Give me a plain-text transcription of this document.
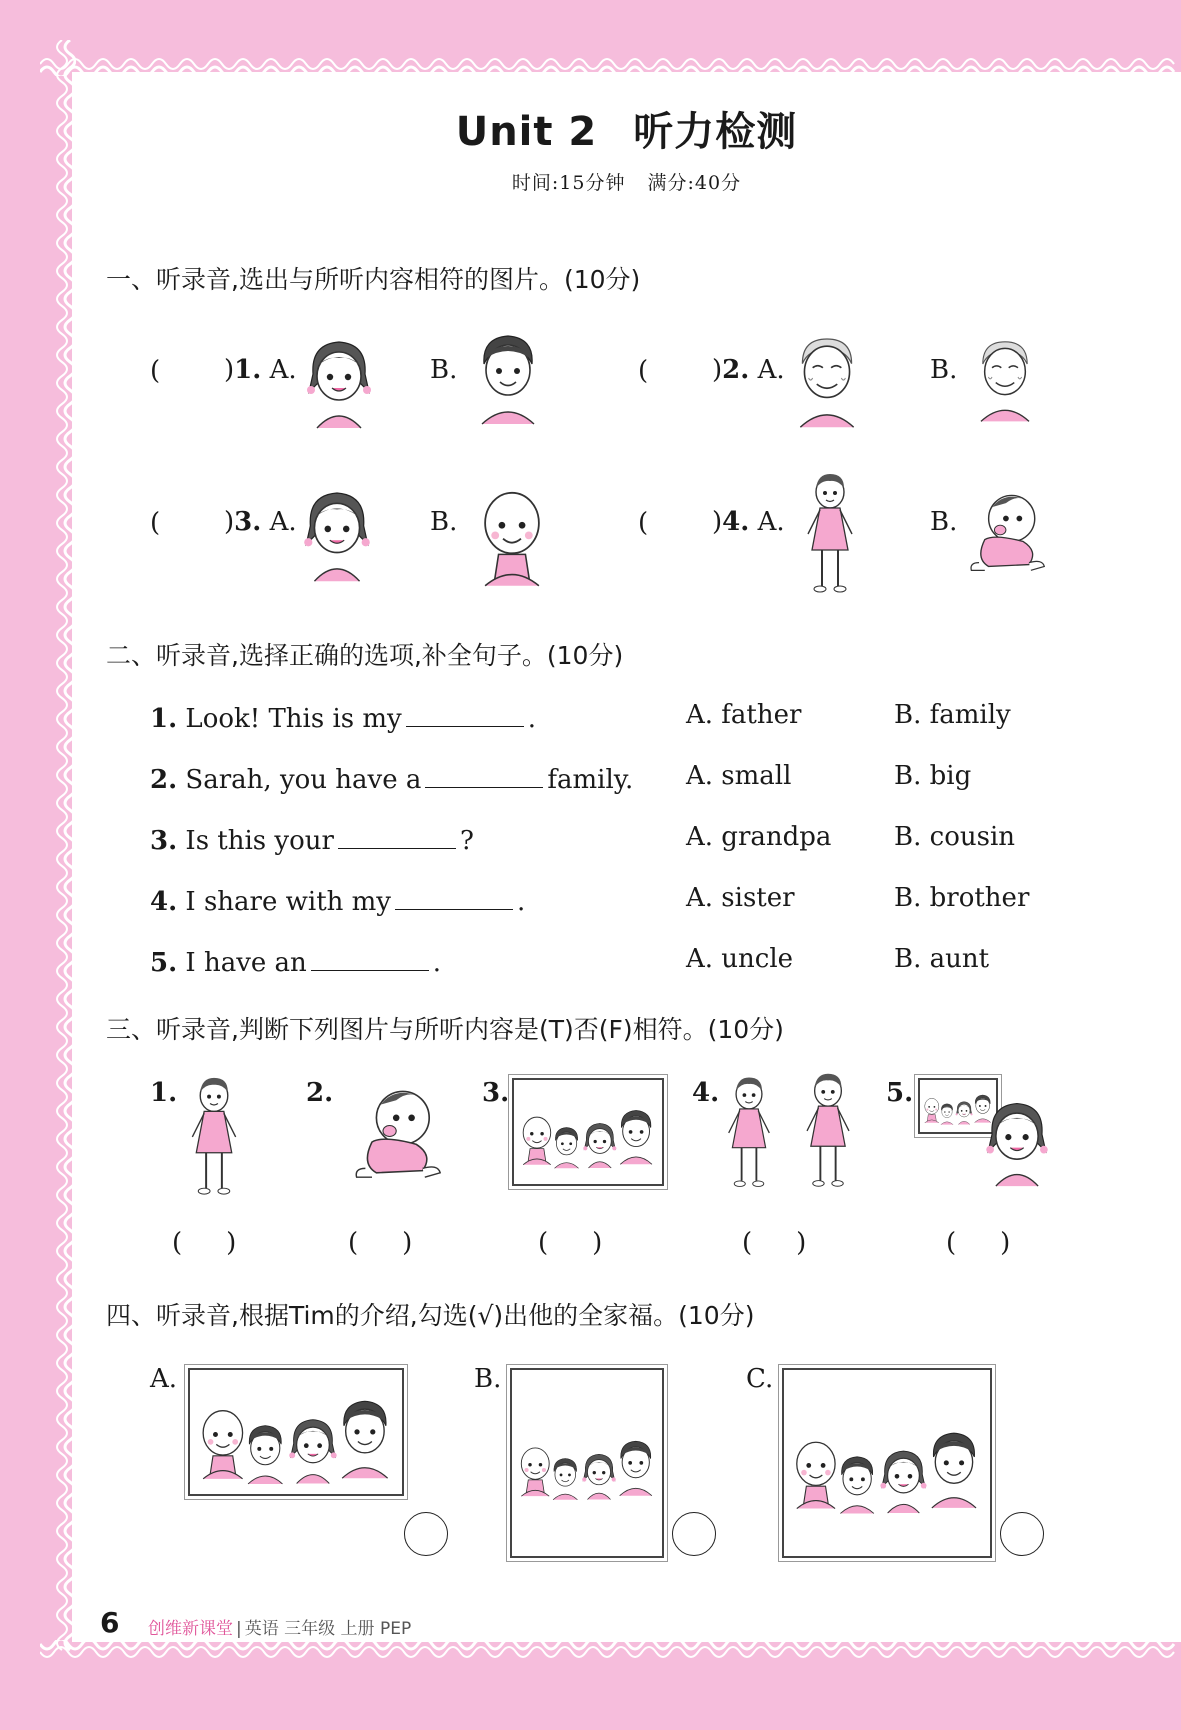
Unit 2 听力检测
时间:15分钟 满分:40分
一、听录音,选出与所听内容相符的图片。(10分)
( )1. A.	B.	( )2. A.	B.
( )3. A.	B.	( )4. A.	B.
二、听录音,选择正确的选项,补全句子。(10分)
1. Look! This is my	.	A. father	B. family
2. Sarah, you have a	family. A. small	B. big
3. Is this your	?	A. grandpa B. cousin
4. I share with my	.	A. sister	B. brother
5. I have an	.	A. uncle	B. aunt
三、听录音,判断下列图片与所听内容是(T)否(F)相符。(10分)
1.	2.	3.	4.	5.
( )	( )	( )	( )	( )
四、听录音,根据Tim的介绍,勾选(√)出他的全家福。(10分)
A.	B.	C.
6 创维新课堂 | 英语 三年级 上册 PEP
